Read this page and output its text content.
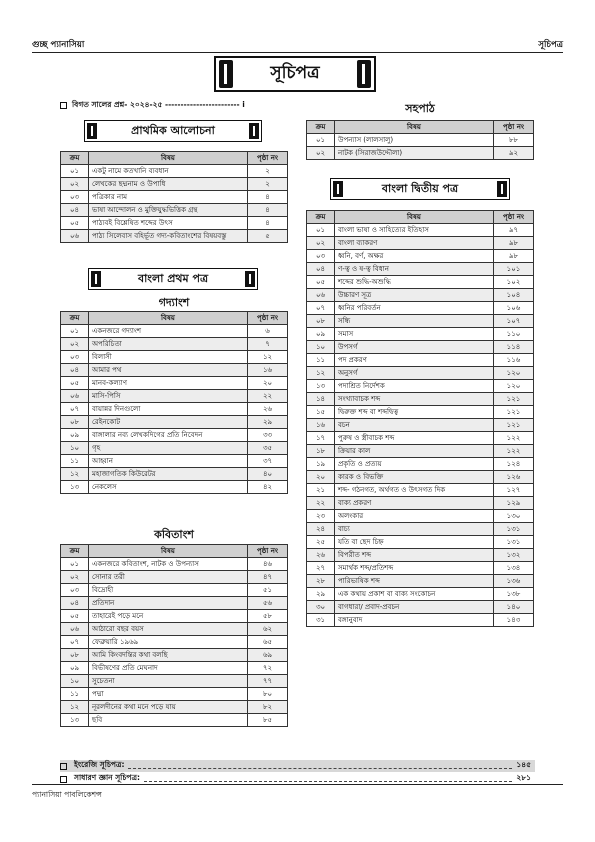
গুচ্ছ প্যানাসিয়া	সূচিপত্র
সূচিপত্র
বিগত সালের প্রশ্ন- ২০২৪-২৫ ------------------------ i
প্রাথমিক আলোচনা
ক্রম	বিষয়	পৃষ্ঠা নং
০১	একটু নামে কতখানি ব্যবধান	২
০২	লেখকের ছদ্মনাম ও উপাধি	২
০৩	পত্রিকার নাম	৪
০৪	ভাষা আন্দোলন ও মুক্তিযুদ্ধভিত্তিক গ্রন্থ	৪
০৫	পাঠ্যবই বিশ্লেষিত শব্দের উৎস	৪
০৬	পাঠ্য সিলেবাস বহির্ভূত গদ্য-কবিতাংশের বিষয়বস্তু	৫
বাংলা প্রথম পত্র
গদ্যাংশ
ক্রম	বিষয়	পৃষ্ঠা নং
০১	একনজরে গদ্যাংশ	৬
০২	অপরিচিতা	৭
০৩	বিলাসী	১২
০৪	আমার পথ	১৬
০৫	মানব-কল্যাণ	২০
০৬	মাসি-পিসি	২২
০৭	বায়ান্নর দিনগুলো	২৬
০৮	রেইনকোট	২৯
০৯	বাঙ্গালার নব্য লেখকদিগের প্রতি নিবেদন	৩৩
১০	গৃহ	৩৫
১১	আহ্বান	৩৭
১২	মহাজাগতিক কিউরেটর	৪০
১৩	নেকলেস	৪২
কবিতাংশ
ক্রম	বিষয়	পৃষ্ঠা নং
০১	একনজরে কবিতাংশ, নাটক ও উপন্যাস	৪৬
০২	সোনার তরী	৪৭
০৩	বিদ্রোহী	৫১
০৪	প্রতিদান	৫৬
০৫	তাহারেই পড়ে মনে	৫৮
০৬	আঠারো বছর বয়স	৬২
০৭	ফেব্রুয়ারি ১৯৬৯	৬৫
০৮	আমি কিংবদন্তির কথা বলছি	৬৯
০৯	বিভীষণের প্রতি মেঘনাদ	৭২
১০	সুচেতনা	৭৭
১১	পদ্মা	৮০
১২	নূরলদীনের কথা মনে পড়ে যায়	৮২
১৩	ছবি	৮৫
সহপাঠ
ক্রম	বিষয়	পৃষ্ঠা নং
০১	উপন্যাস (লালসালু)	৮৮
০২	নাটক (সিরাজউদ্দৌলা)	৯২
বাংলা দ্বিতীয় পত্র
ক্রম	বিষয়	পৃষ্ঠা নং
০১	বাংলা ভাষা ও সাহিত্যের ইতিহাস	৯৭
০২	বাংলা ব্যাকরণ	৯৮
০৩	ধ্বনি, বর্ণ, অক্ষর	৯৮
০৪	ণ-ত্ব ও ষ-ত্ব বিধান	১০১
০৫	শব্দের শুদ্ধি-অশুদ্ধি	১০২
০৬	উচ্চারণ সূত্র	১০৪
০৭	ধ্বনির পরিবর্তন	১০৬
০৮	সন্ধি	১০৭
০৯	সমাস	১১০
১০	উপসর্গ	১১৪
১১	পদ প্রকরণ	১১৬
১২	অনুসর্গ	১২০
১৩	পদাশ্রিত নির্দেশক	১২০
১৪	সংখ্যাবাচক শব্দ	১২১
১৫	দ্বিরুক্ত শব্দ বা শব্দদ্বিত্ব	১২১
১৬	বচন	১২১
১৭	পুরুষ ও স্ত্রীবাচক শব্দ	১২২
১৮	ক্রিয়ার কাল	১২২
১৯	প্রকৃতি ও প্রত্যয়	১২৪
২০	কারক ও বিভক্তি	১২৬
২১	শব্দ- গঠনগত, অর্থগত ও উৎসগত দিক	১২৭
২২	বাক্য প্রকরণ	১২৯
২৩	অলংকার	১৩০
২৪	বাচ্য	১৩১
২৫	যতি বা ছেদ চিহ্ন	১৩১
২৬	বিপরীত শব্দ	১৩২
২৭	সমার্থক শব্দ/প্রতিশব্দ	১৩৪
২৮	পারিভাষিক শব্দ	১৩৬
২৯	এক কথায় প্রকাশ বা বাক্য সংকোচন	১৩৮
৩০	বাগধারা/ প্রবাদ-প্রবচন	১৪০
৩১	বঙ্গানুবাদ	১৪৩
ইংরেজি সূচিপত্র:	১৪৫
সাধারণ জ্ঞান সূচিপত্র:	২৮১
প্যানাসিয়া পাবলিকেশন্স
